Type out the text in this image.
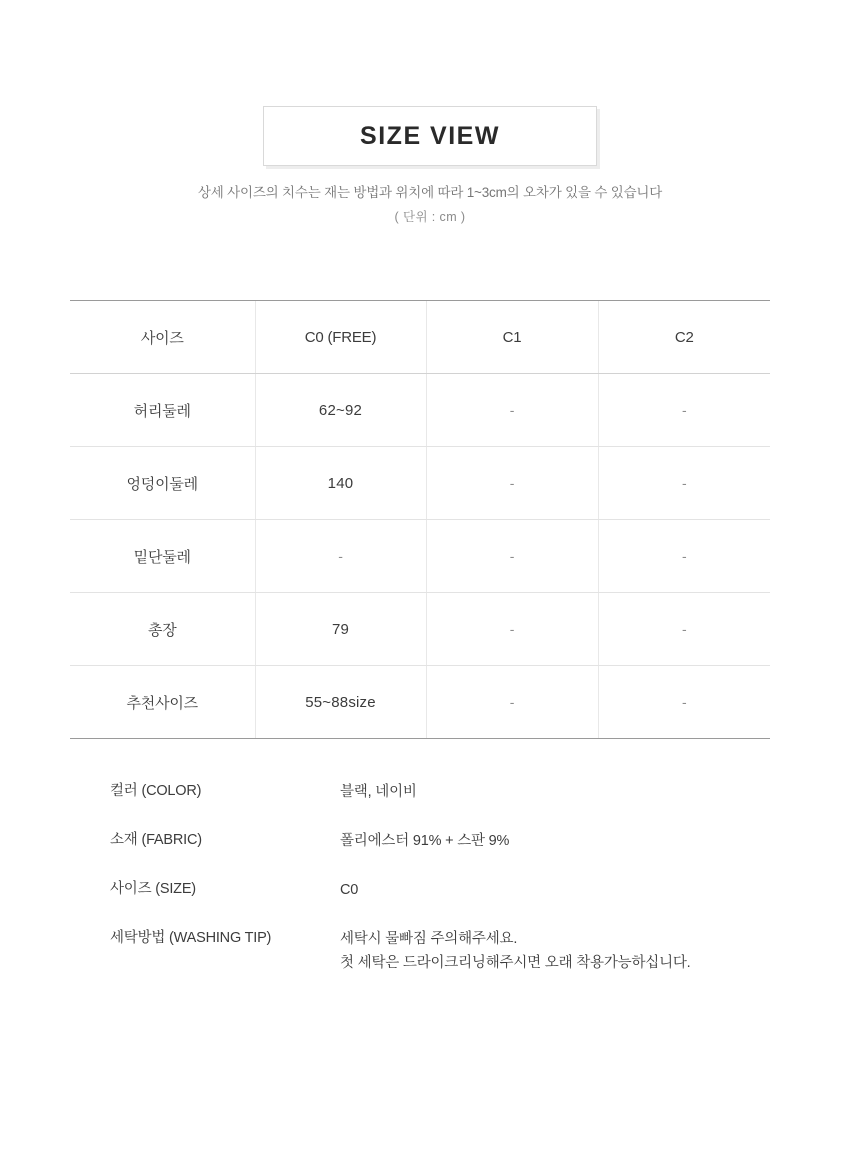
SIZE VIEW
상세 사이즈의 치수는 재는 방법과 위치에 따라 1~3cm의 오차가 있을 수 있습니다
( 단위 : cm )
사이즈	C0 (FREE)	C1	C2
허리둘레	62~92	-	-
엉덩이둘레	140	-	-
밑단둘레	-	-	-
총장	79	-	-
추천사이즈	55~88size	-	-
컬러 (COLOR)	블랙, 네이비
소재 (FABRIC)	폴리에스터 91% + 스판 9%
사이즈 (SIZE)	C0
세탁방법 (WASHING TIP)	세탁시 물빠짐 주의해주세요.
첫 세탁은 드라이크리닝해주시면 오래 착용가능하십니다.
